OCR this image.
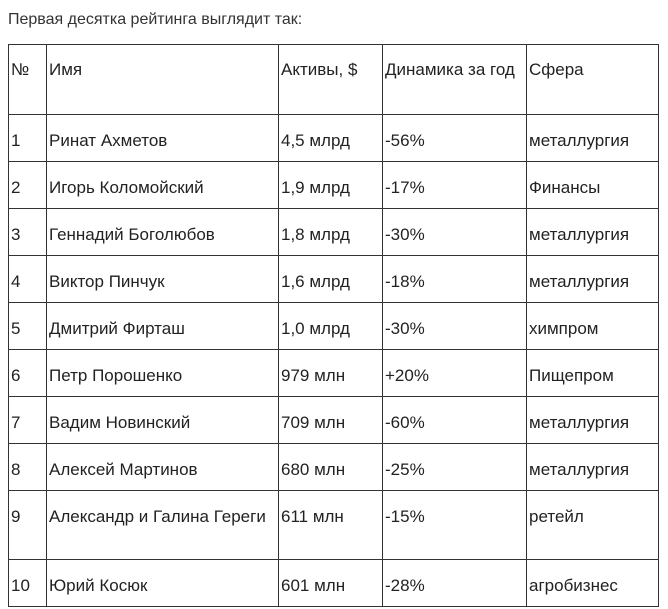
Первая десятка рейтинга выглядит так:
№	Имя	Активы, $	Динамика за год	Сфера
1	Ринат Ахметов	4,5 млрд	-56%	металлургия
2	Игорь Коломойский	1,9 млрд	-17%	Финансы
3	Геннадий Боголюбов	1,8 млрд	-30%	металлургия
4	Виктор Пинчук	1,6 млрд	-18%	металлургия
5	Дмитрий Фирташ	1,0 млрд	-30%	химпром
6	Петр Порошенко	979 млн	+20%	Пищепром
7	Вадим Новинский	709 млн	-60%	металлургия
8	Алексей Мартинов	680 млн	-25%	металлургия
9	Александр и Галина Гереги	611 млн	-15%	ретейл
10	Юрий Косюк	601 млн	-28%	агробизнес
